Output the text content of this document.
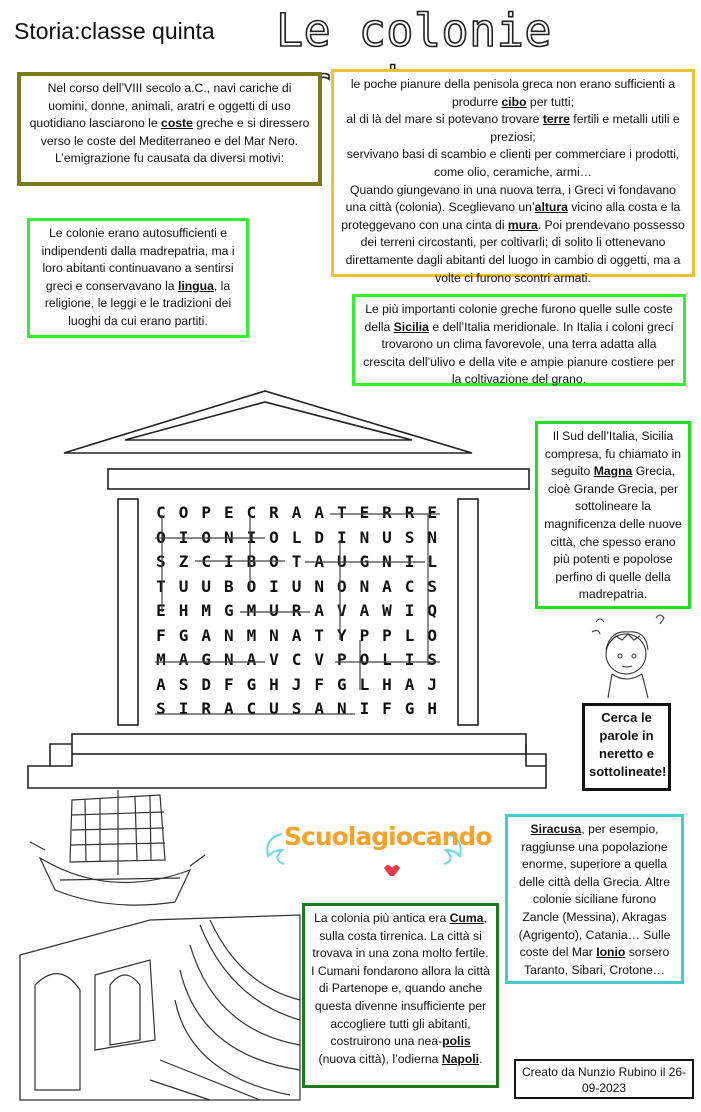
Storia:classe quinta Le colonie
Scuolagiocando

Nel corso dell’VIII secolo a.C., navi cariche di uomini, donne, animali, aratri e oggetti di uso quotidiano lasciarono le coste greche e si diressero verso le coste del Mediterraneo e del Mar Nero.

L’emigrazione fu causata da diversi motivi:

le poche pianure della penisola greca non erano sufficienti a produrre cibo per tutti;

al di là del mare si potevano trovare terre fertili e metalli utili e preziosi;

servivano basi di scambio e clienti per commerciare i prodotti, come olio, ceramiche, armi…

Quando giungevano in una nuova terra, i Greci vi fondavano una città (colonia). Sceglievano un’altura vicino alla costa e la proteggevano con una cinta di mura. Poi prendevano possesso dei terreni circostanti, per coltivarli; di solito li ottenevano direttamente dagli abitanti del luogo in cambio di oggetti, ma a volte ci furono scontri armati.

Le colonie erano autosufficienti e indipendenti dalla madrepatria, ma i loro abitanti continuavano a sentirsi greci e conservavano la lingua, la religione, le leggi e le tradizioni dei luoghi da cui erano partiti.

Le più importanti colonie greche furono quelle sulle coste della Sicilia e dell’Italia meridionale. In Italia i coloni greci trovarono un clima favorevole, una terra adatta alla crescita dell’ulivo e della vite e ampie pianure costiere per la coltivazione del grano.

Il Sud dell’Italia, Sicilia compresa, fu chiamato in seguito Magna Grecia, cioè Grande Grecia, per sottolineare la magnificenza delle nuove città, che spesso erano più potenti e popolose perfino di quelle della madrepatria.

C O P E C R A A T E R R E
O I O N I O L D I N U S N
S Z C I B O T A U G N I L
T U U B O I U N O N A C S
E H M G M U R A V A W I Q
F G A N M N A T Y P P L O
M A G N A V C V P O L I S
A S D F G H J F G L H A J
S I R A C U S A N I F G H	Cerca le parole in neretto e sottolineate!

Siracusa, per esempio, raggiunse una popolazione enorme, superiore a quella delle città della Grecia. Altre colonie siciliane furono Zancle (Messina), Akragas (Agrigento), Catania… Sulle coste del Mar Ionio sorsero Taranto, Sibari, Crotone…

La colonia più antica era Cuma, sulla costa tirrenica. La città si trovava in una zona molto fertile. I Cumani fondarono allora la città di Partenope e, quando anche questa divenne insufficiente per accogliere tutti gli abitanti, costruirono una nea-polis (nuova città), l’odierna Napoli.

Creato da Nunzio Rubino il 26-09-2023
